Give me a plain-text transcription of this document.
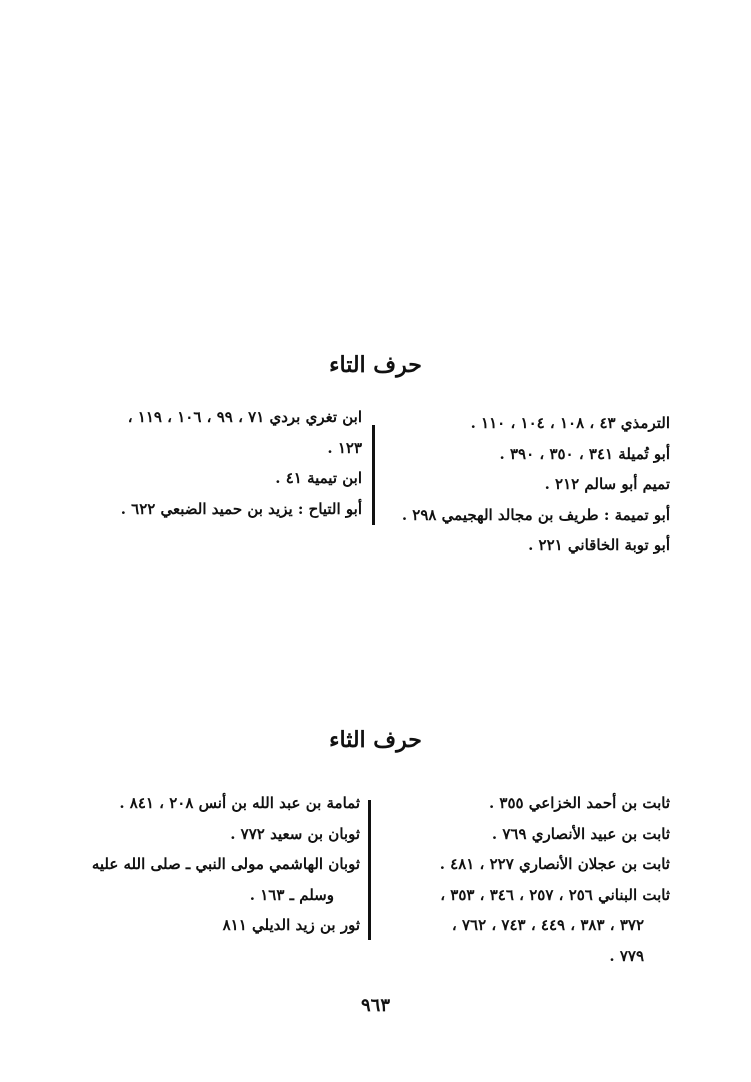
حرف التاء
الترمذي ٤٣ ، ١٠٨ ، ١٠٤ ، ١١٠ .
أبو تُميلة ٣٤١ ، ٣٥٠ ، ٣٩٠ .
تميم أبو سالم ٢١٢ .
أبو تميمة : طريف بن مجالد الهجيمي ٢٩٨ .
أبو توبة الخاقاني ٢٢١ .
ابن تغري بردي ٧١ ، ٩٩ ، ١٠٦ ، ١١٩ ،
١٢٣ .
ابن تيمية ٤١ .
أبو التياح : يزيد بن حميد الضبعي ٦٢٢ .
حرف الثاء
ثابت بن أحمد الخزاعي ٣٥٥ .
ثابت بن عبيد الأنصاري ٧٦٩ .
ثابت بن عجلان الأنصاري ٢٢٧ ، ٤٨١ .
ثابت البناني ٢٥٦ ، ٢٥٧ ، ٣٤٦ ، ٣٥٣ ،
٣٧٢ ، ٣٨٣ ، ٤٤٩ ، ٧٤٣ ، ٧٦٢ ،
٧٧٩ .
ثمامة بن عبد الله بن أنس ٢٠٨ ، ٨٤١ .
ثوبان بن سعيد ٧٧٢ .
ثوبان الهاشمي مولى النبي ـ صلى الله عليه
وسلم ـ ١٦٣ .
ثور بن زيد الديلي ٨١١
٩٦٣
